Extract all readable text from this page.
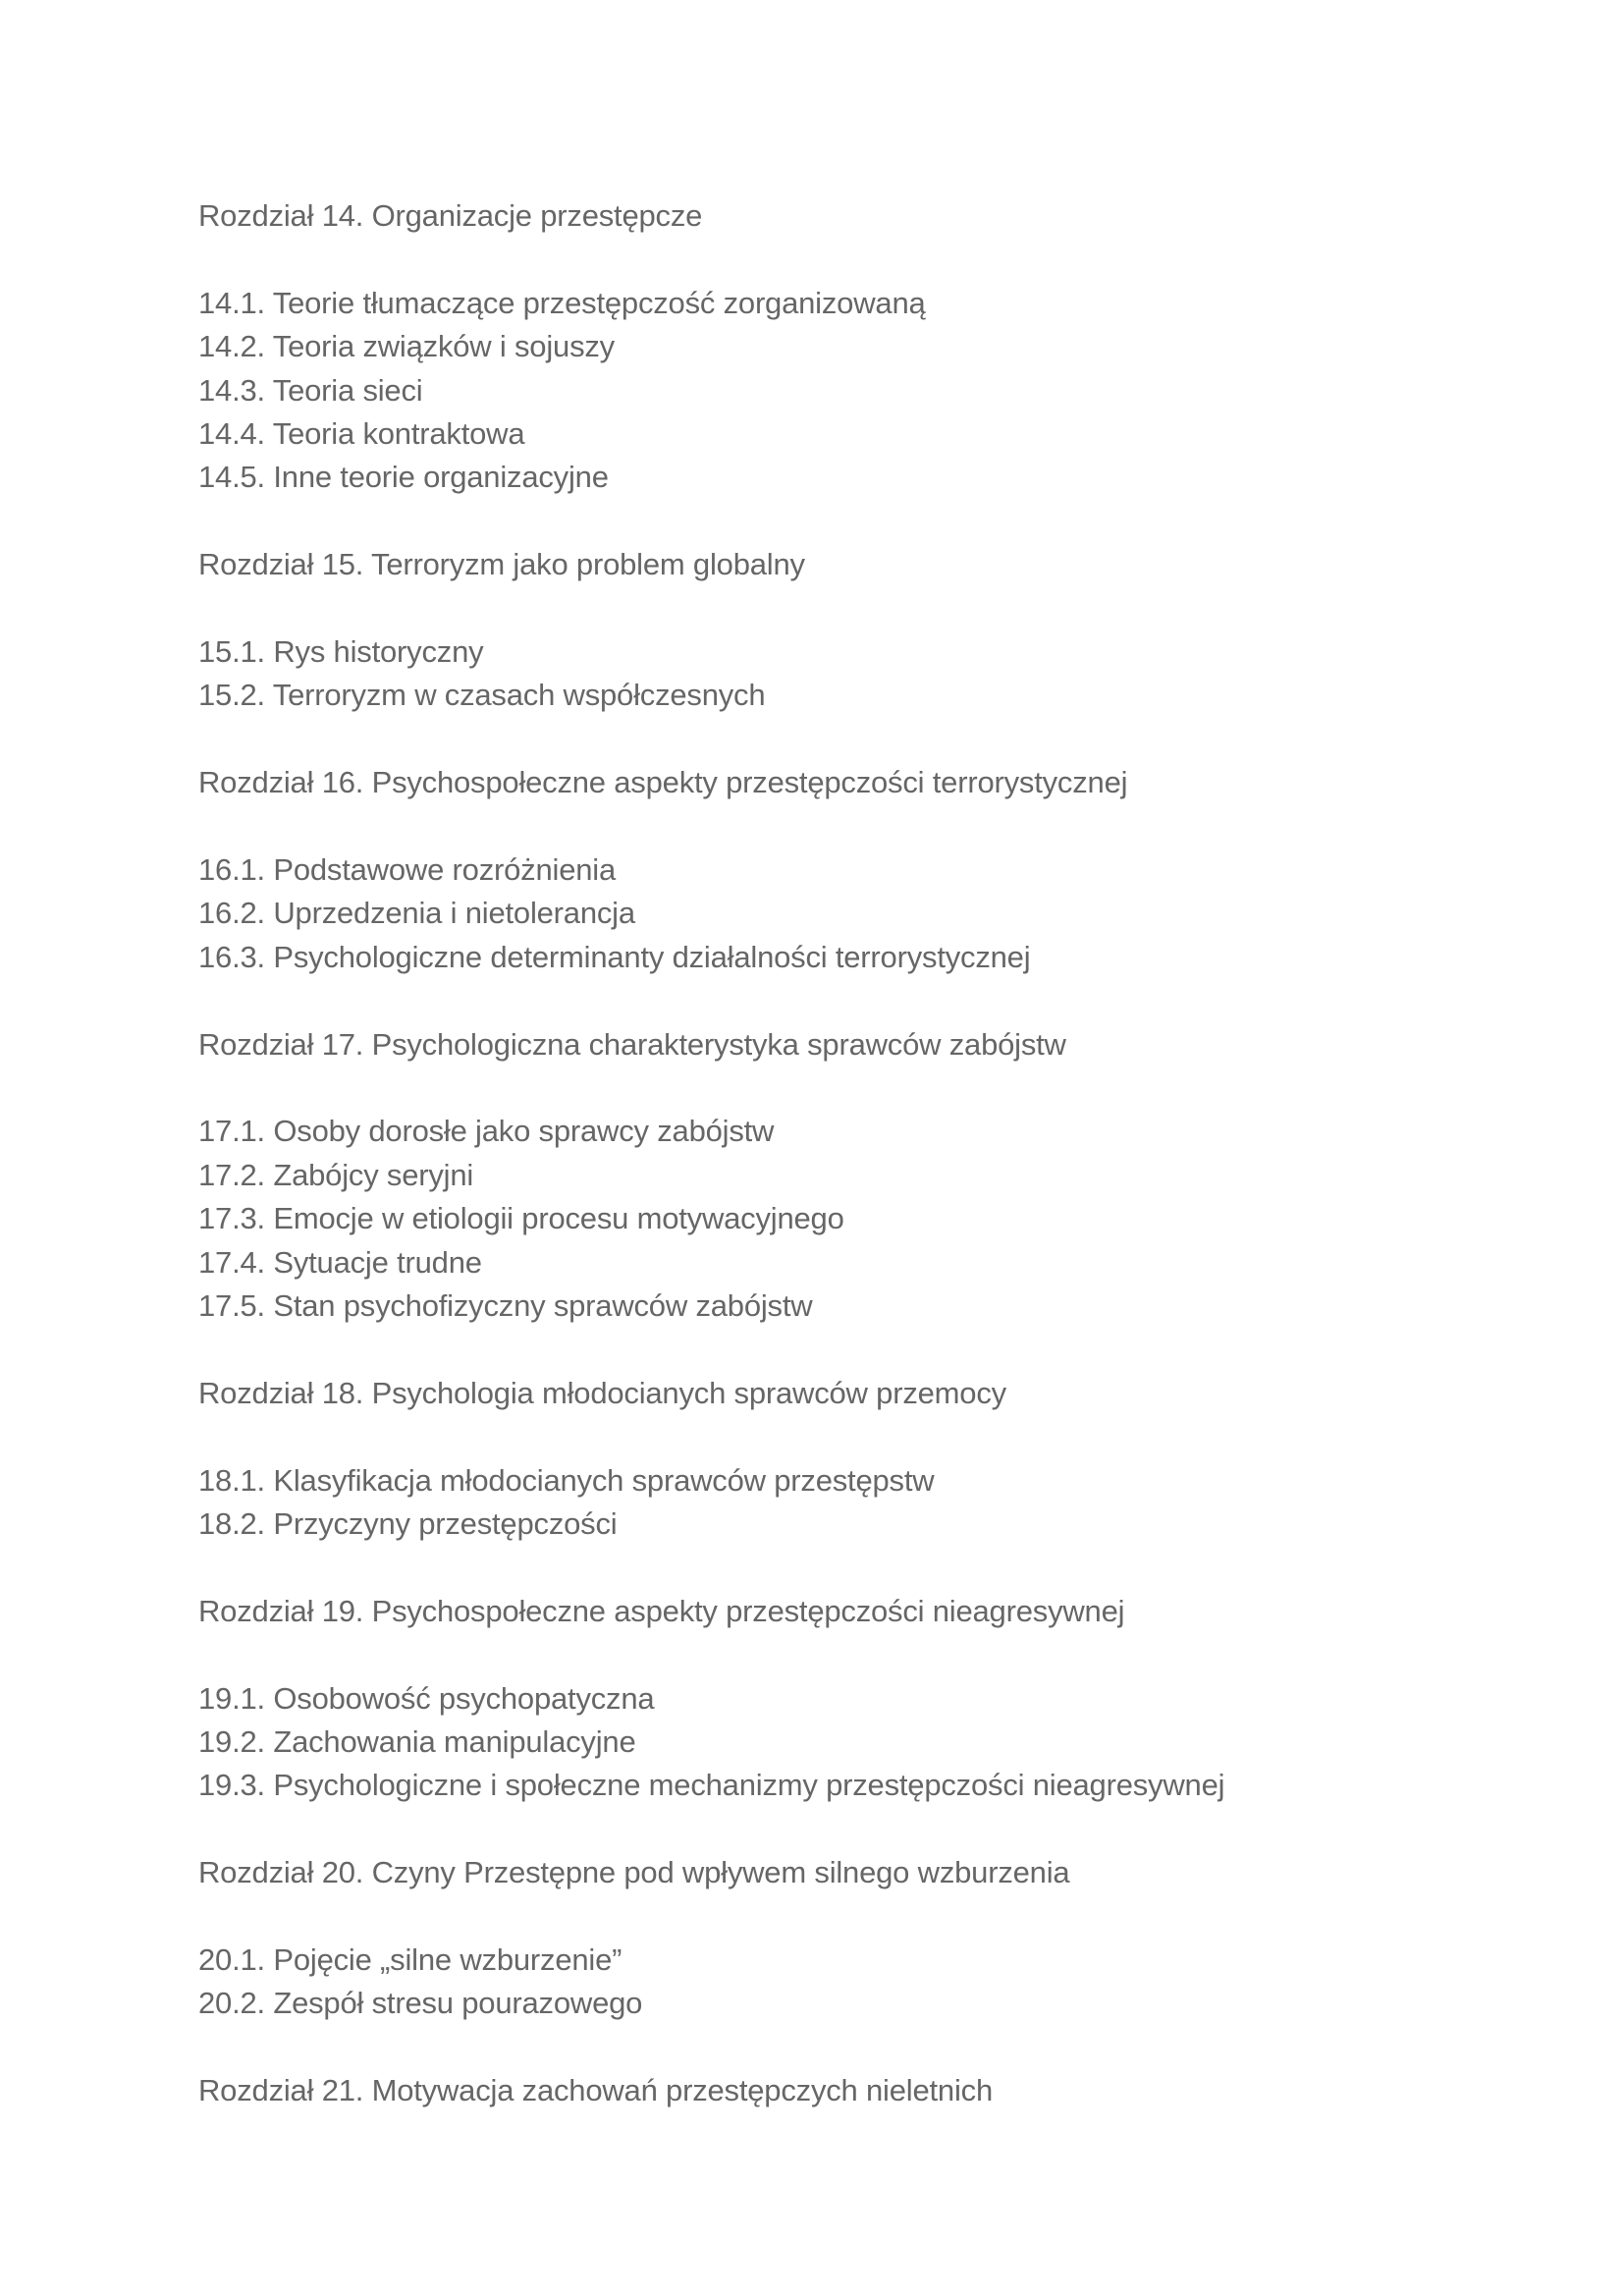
Rozdział 14. Organizacje przestępcze
14.1. Teorie tłumaczące przestępczość zorganizowaną
14.2. Teoria związków i sojuszy
14.3. Teoria sieci
14.4. Teoria kontraktowa
14.5. Inne teorie organizacyjne
Rozdział 15. Terroryzm jako problem globalny
15.1. Rys historyczny
15.2. Terroryzm w czasach współczesnych
Rozdział 16. Psychospołeczne aspekty przestępczości terrorystycznej
16.1. Podstawowe rozróżnienia
16.2. Uprzedzenia i nietolerancja
16.3. Psychologiczne determinanty działalności terrorystycznej
Rozdział 17. Psychologiczna charakterystyka sprawców zabójstw
17.1. Osoby dorosłe jako sprawcy zabójstw
17.2. Zabójcy seryjni
17.3. Emocje w etiologii procesu motywacyjnego
17.4. Sytuacje trudne
17.5. Stan psychofizyczny sprawców zabójstw
Rozdział 18. Psychologia młodocianych sprawców przemocy
18.1. Klasyfikacja młodocianych sprawców przestępstw
18.2. Przyczyny przestępczości
Rozdział 19. Psychospołeczne aspekty przestępczości nieagresywnej
19.1. Osobowość psychopatyczna
19.2. Zachowania manipulacyjne
19.3. Psychologiczne i społeczne mechanizmy przestępczości nieagresywnej
Rozdział 20. Czyny Przestępne pod wpływem silnego wzburzenia
20.1. Pojęcie „silne wzburzenie”
20.2. Zespół stresu pourazowego
Rozdział 21. Motywacja zachowań przestępczych nieletnich
